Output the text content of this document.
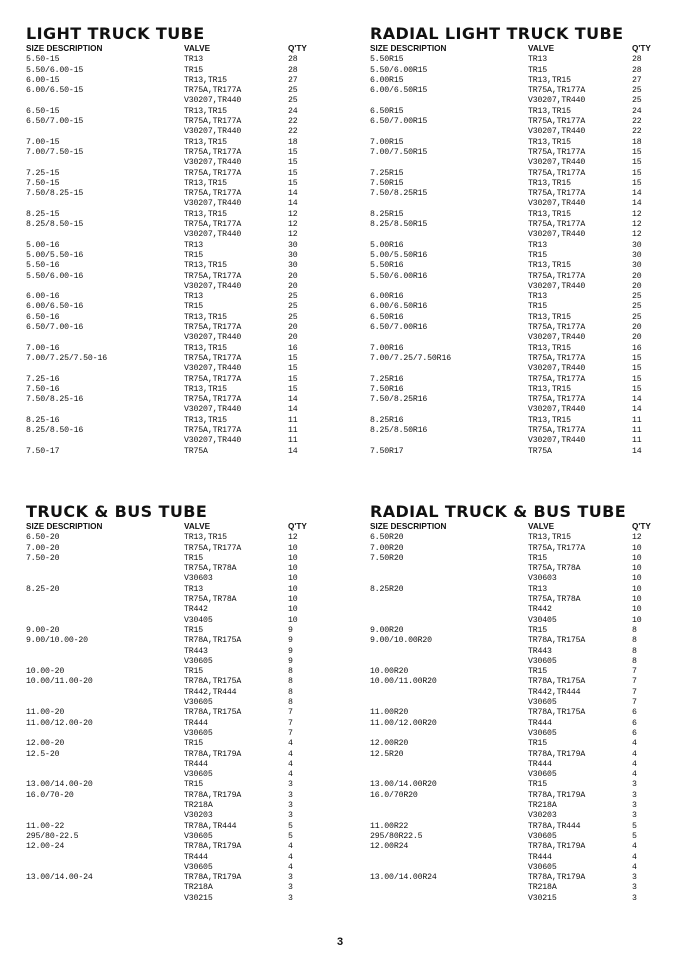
LIGHT TRUCK TUBE
SIZE DESCRIPTION	VALVE	Q'TY
5.50-15	TR13	28
5.50/6.00-15	TR15	28
6.00-15	TR13,TR15	27
6.00/6.50-15	TR75A,TR177A	25
V30207,TR440	25
6.50-15	TR13,TR15	24
6.50/7.00-15	TR75A,TR177A	22
V30207,TR440	22
7.00-15	TR13,TR15	18
7.00/7.50-15	TR75A,TR177A	15
V30207,TR440	15
7.25-15	TR75A,TR177A	15
7.50-15	TR13,TR15	15
7.50/8.25-15	TR75A,TR177A	14
V30207,TR440	14
8.25-15	TR13,TR15	12
8.25/8.50-15	TR75A,TR177A	12
V30207,TR440	12
5.00-16	TR13	30
5.00/5.50-16	TR15	30
5.50-16	TR13,TR15	30
5.50/6.00-16	TR75A,TR177A	20
V30207,TR440	20
6.00-16	TR13	25
6.00/6.50-16	TR15	25
6.50-16	TR13,TR15	25
6.50/7.00-16	TR75A,TR177A	20
V30207,TR440	20
7.00-16	TR13,TR15	16
7.00/7.25/7.50-16	TR75A,TR177A	15
V30207,TR440	15
7.25-16	TR75A,TR177A	15
7.50-16	TR13,TR15	15
7.50/8.25-16	TR75A,TR177A	14
V30207,TR440	14
8.25-16	TR13,TR15	11
8.25/8.50-16	TR75A,TR177A	11
V30207,TR440	11
7.50-17	TR75A	14
RADIAL LIGHT TRUCK TUBE
SIZE DESCRIPTION	VALVE	Q'TY
5.50R15	TR13	28
5.50/6.00R15	TR15	28
6.00R15	TR13,TR15	27
6.00/6.50R15	TR75A,TR177A	25
V30207,TR440	25
6.50R15	TR13,TR15	24
6.50/7.00R15	TR75A,TR177A	22
V30207,TR440	22
7.00R15	TR13,TR15	18
7.00/7.50R15	TR75A,TR177A	15
V30207,TR440	15
7.25R15	TR75A,TR177A	15
7.50R15	TR13,TR15	15
7.50/8.25R15	TR75A,TR177A	14
V30207,TR440	14
8.25R15	TR13,TR15	12
8.25/8.50R15	TR75A,TR177A	12
V30207,TR440	12
5.00R16	TR13	30
5.00/5.50R16	TR15	30
5.50R16	TR13,TR15	30
5.50/6.00R16	TR75A,TR177A	20
V30207,TR440	20
6.00R16	TR13	25
6.00/6.50R16	TR15	25
6.50R16	TR13,TR15	25
6.50/7.00R16	TR75A,TR177A	20
V30207,TR440	20
7.00R16	TR13,TR15	16
7.00/7.25/7.50R16	TR75A,TR177A	15
V30207,TR440	15
7.25R16	TR75A,TR177A	15
7.50R16	TR13,TR15	15
7.50/8.25R16	TR75A,TR177A	14
V30207,TR440	14
8.25R16	TR13,TR15	11
8.25/8.50R16	TR75A,TR177A	11
V30207,TR440	11
7.50R17	TR75A	14
TRUCK & BUS TUBE
SIZE DESCRIPTION	VALVE	Q'TY
6.50-20	TR13,TR15	12
7.00-20	TR75A,TR177A	10
7.50-20	TR15	10
TR75A,TR78A	10
V30603	10
8.25-20	TR13	10
TR75A,TR78A	10
TR442	10
V30405	10
9.00-20	TR15	9
9.00/10.00-20	TR78A,TR175A	9
TR443	9
V30605	9
10.00-20	TR15	8
10.00/11.00-20	TR78A,TR175A	8
TR442,TR444	8
V30605	8
11.00-20	TR78A,TR175A	7
11.00/12.00-20	TR444	7
V30605	7
12.00-20	TR15	4
12.5-20	TR78A,TR179A	4
TR444	4
V30605	4
13.00/14.00-20	TR15	3
16.0/70-20	TR78A,TR179A	3
TR218A	3
V30203	3
11.00-22	TR78A,TR444	5
295/80-22.5	V30605	5
12.00-24	TR78A,TR179A	4
TR444	4
V30605	4
13.00/14.00-24	TR78A,TR179A	3
TR218A	3
V30215	3
RADIAL TRUCK & BUS TUBE
SIZE DESCRIPTION	VALVE	Q'TY
6.50R20	TR13,TR15	12
7.00R20	TR75A,TR177A	10
7.50R20	TR15	10
TR75A,TR78A	10
V30603	10
8.25R20	TR13	10
TR75A,TR78A	10
TR442	10
V30405	10
9.00R20	TR15	8
9.00/10.00R20	TR78A,TR175A	8
TR443	8
V30605	8
10.00R20	TR15	7
10.00/11.00R20	TR78A,TR175A	7
TR442,TR444	7
V30605	7
11.00R20	TR78A,TR175A	6
11.00/12.00R20	TR444	6
V30605	6
12.00R20	TR15	4
12.5R20	TR78A,TR179A	4
TR444	4
V30605	4
13.00/14.00R20	TR15	3
16.0/70R20	TR78A,TR179A	3
TR218A	3
V30203	3
11.00R22	TR78A,TR444	5
295/80R22.5	V30605	5
12.00R24	TR78A,TR179A	4
TR444	4
V30605	4
13.00/14.00R24	TR78A,TR179A	3
TR218A	3
V30215	3
3
